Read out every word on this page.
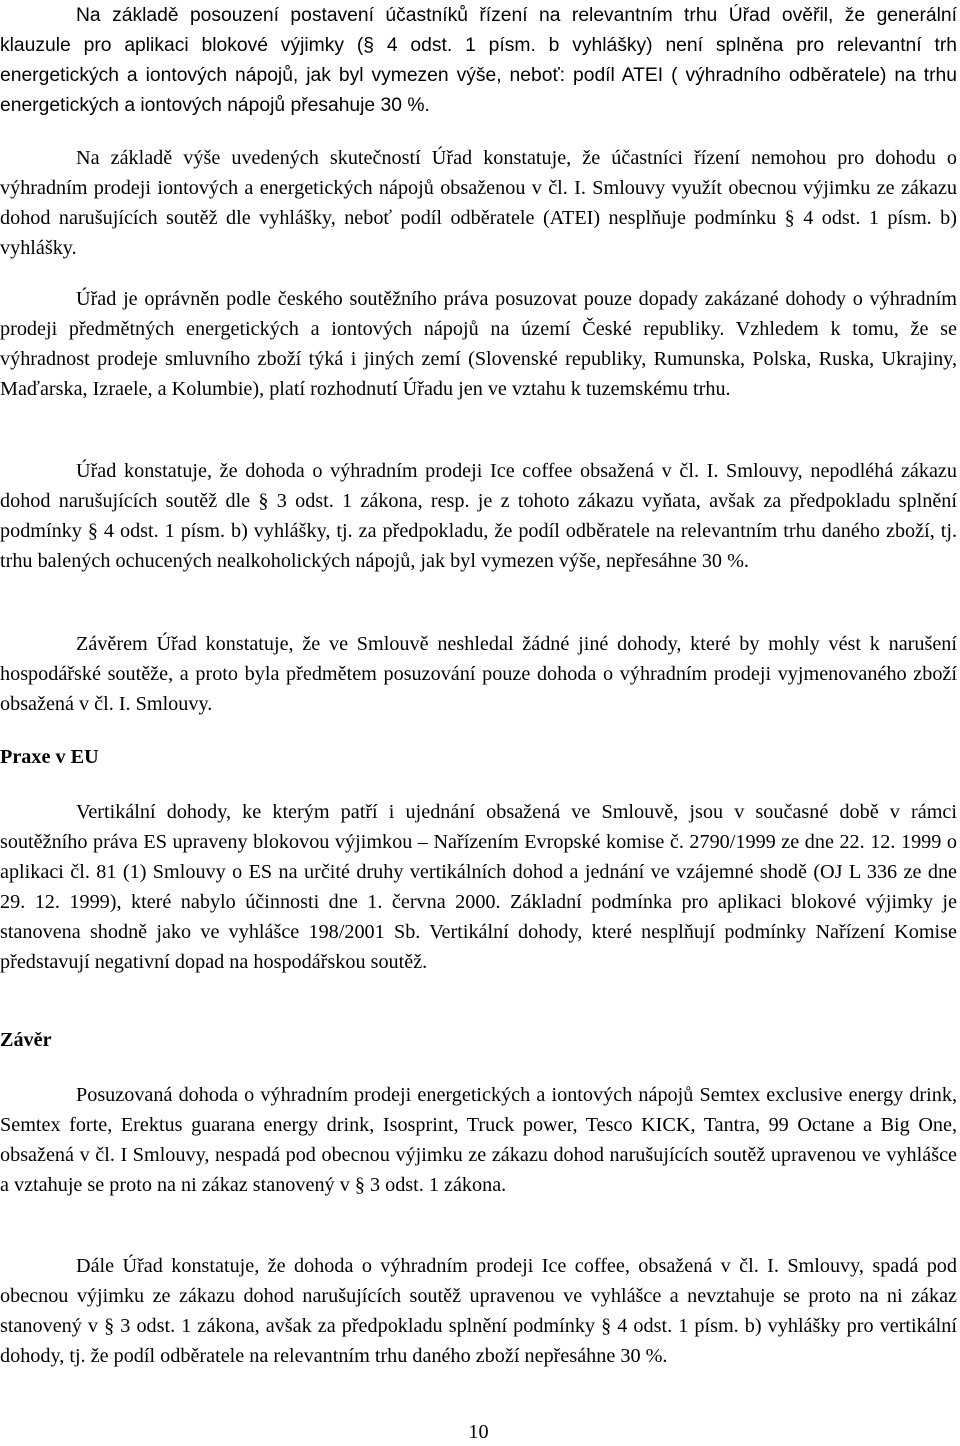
Na základě posouzení postavení účastníků řízení na relevantním trhu Úřad ověřil, že generální klauzule pro aplikaci blokové výjimky (§ 4 odst. 1 písm. b vyhlášky) není splněna pro relevantní trh energetických a iontových nápojů, jak byl vymezen výše, neboť: podíl ATEI ( výhradního odběratele) na trhu energetických a iontových nápojů přesahuje 30 %.

Na základě výše uvedených skutečností Úřad konstatuje, že účastníci řízení nemohou pro dohodu o výhradním prodeji iontových a energetických nápojů obsaženou v čl. I. Smlouvy využít obecnou výjimku ze zákazu dohod narušujících soutěž dle vyhlášky, neboť podíl odběratele (ATEI) nesplňuje podmínku § 4 odst. 1 písm. b) vyhlášky.

Úřad je oprávněn podle českého soutěžního práva posuzovat pouze dopady zakázané dohody o výhradním prodeji předmětných energetických a iontových nápojů na území České republiky. Vzhledem k tomu, že se výhradnost prodeje smluvního zboží týká i jiných zemí (Slovenské republiky, Rumunska, Polska, Ruska, Ukrajiny, Maďarska, Izraele, a Kolumbie), platí rozhodnutí Úřadu jen ve vztahu k tuzemskému trhu.

Úřad konstatuje, že dohoda o výhradním prodeji Ice coffee obsažená v čl. I. Smlouvy, nepodléhá zákazu dohod narušujících soutěž dle § 3 odst. 1 zákona, resp. je z tohoto zákazu vyňata, avšak za předpokladu splnění podmínky § 4 odst. 1 písm. b) vyhlášky, tj. za předpokladu, že podíl odběratele na relevantním trhu daného zboží, tj. trhu balených ochucených nealkoholických nápojů, jak byl vymezen výše, nepřesáhne 30 %.

Závěrem Úřad konstatuje, že ve Smlouvě neshledal žádné jiné dohody, které by mohly vést k narušení hospodářské soutěže, a proto byla předmětem posuzování pouze dohoda o výhradním prodeji vyjmenovaného zboží obsažená v čl. I. Smlouvy.

Praxe v EU

Vertikální dohody, ke kterým patří i ujednání obsažená ve Smlouvě, jsou v současné době v rámci soutěžního práva ES upraveny blokovou výjimkou – Nařízením Evropské komise č. 2790/1999 ze dne 22. 12. 1999 o aplikaci čl. 81 (1) Smlouvy o ES na určité druhy vertikálních dohod a jednání ve vzájemné shodě (OJ L 336 ze dne 29. 12. 1999), které nabylo účinnosti dne 1. června 2000. Základní podmínka pro aplikaci blokové výjimky je stanovena shodně jako ve vyhlášce 198/2001 Sb. Vertikální dohody, které nesplňují podmínky Nařízení Komise představují negativní dopad na hospodářskou soutěž.

Závěr

Posuzovaná dohoda o výhradním prodeji energetických a iontových nápojů Semtex exclusive energy drink, Semtex forte, Erektus guarana energy drink, Isosprint, Truck power, Tesco KICK, Tantra, 99 Octane a Big One, obsažená v čl. I Smlouvy, nespadá pod obecnou výjimku ze zákazu dohod narušujících soutěž upravenou ve vyhlášce a vztahuje se proto na ni zákaz stanovený v § 3 odst. 1 zákona.

Dále Úřad konstatuje, že dohoda o výhradním prodeji Ice coffee, obsažená v čl. I. Smlouvy, spadá pod obecnou výjimku ze zákazu dohod narušujících soutěž upravenou ve vyhlášce a nevztahuje se proto na ni zákaz stanovený v § 3 odst. 1 zákona, avšak za předpokladu splnění podmínky § 4 odst. 1 písm. b) vyhlášky pro vertikální dohody, tj. že podíl odběratele na relevantním trhu daného zboží nepřesáhne 30 %.

10
